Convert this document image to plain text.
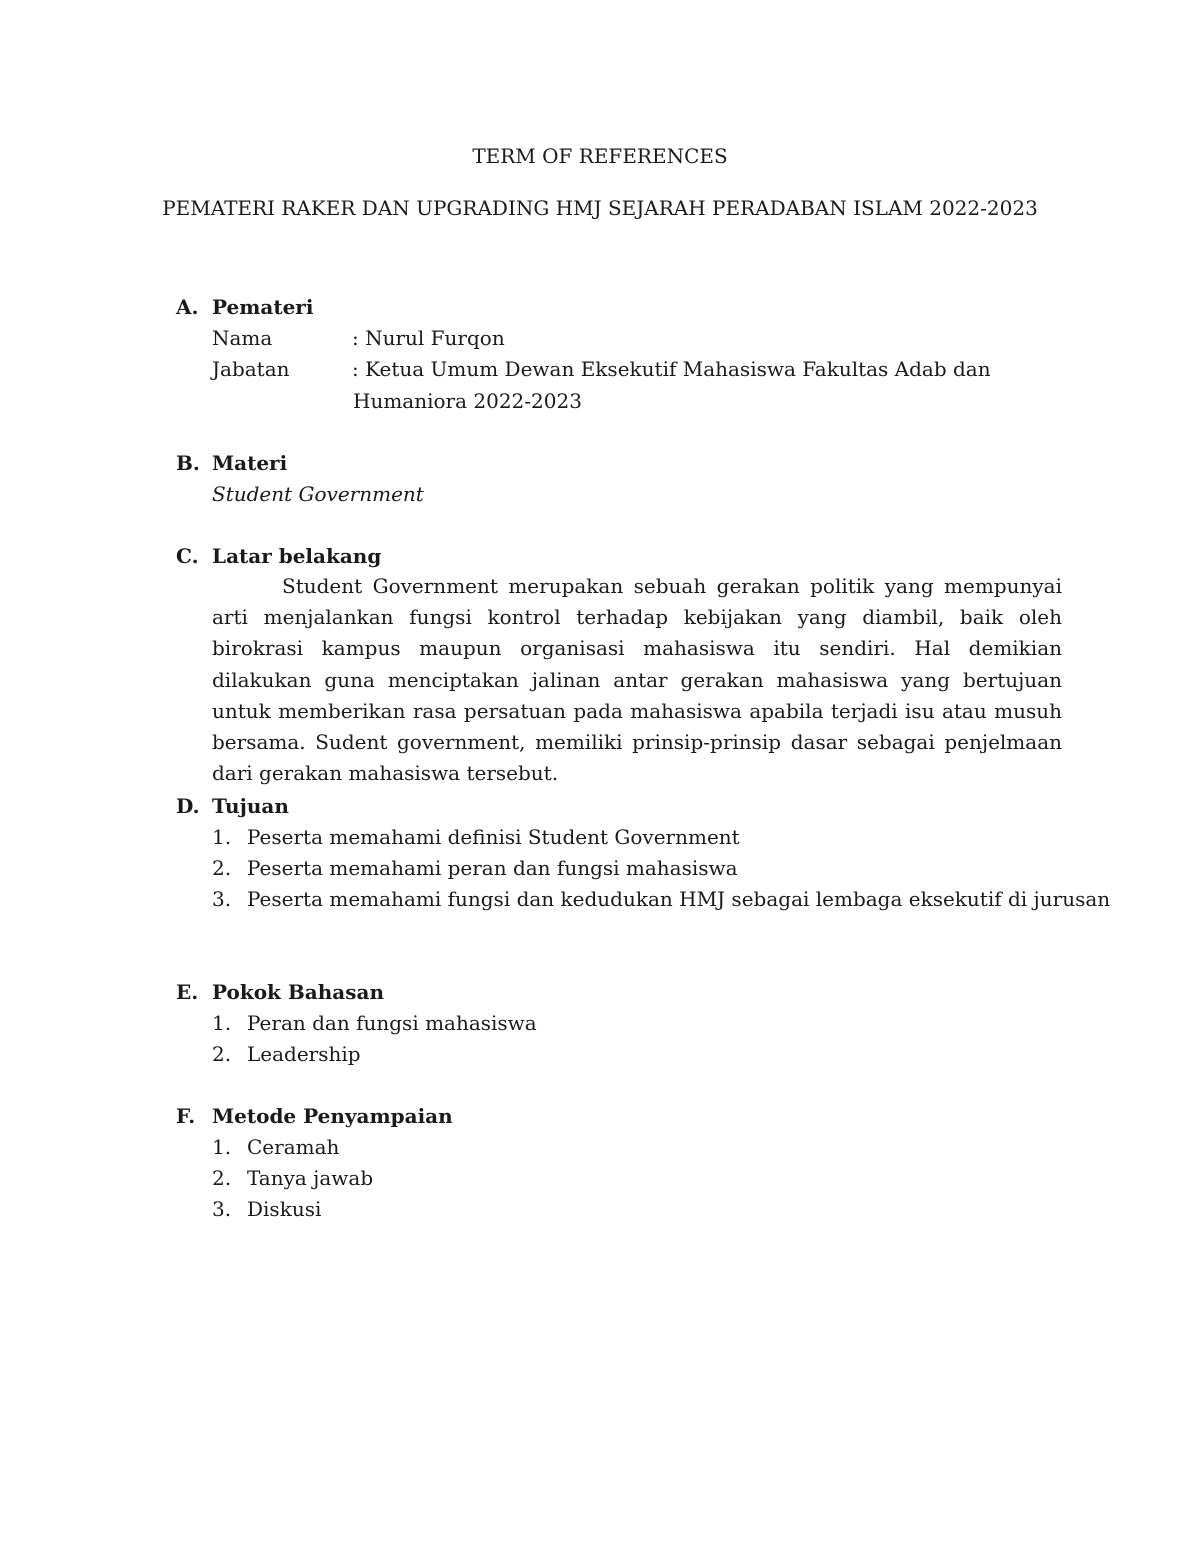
TERM OF REFERENCES
PEMATERI RAKER DAN UPGRADING HMJ SEJARAH PERADABAN ISLAM 2022-2023
A. Pemateri
Nama	: Nurul Furqon
Jabatan	: Ketua Umum Dewan Eksekutif Mahasiswa Fakultas Adab dan
Humaniora 2022-2023
B. Materi
Student Government
C. Latar belakang
Student Government merupakan sebuah gerakan politik yang mempunyai arti menjalankan fungsi kontrol terhadap kebijakan yang diambil, baik oleh birokrasi kampus maupun organisasi mahasiswa itu sendiri. Hal demikian dilakukan guna menciptakan jalinan antar gerakan mahasiswa yang bertujuan untuk memberikan rasa persatuan pada mahasiswa apabila terjadi isu atau musuh bersama. Sudent government, memiliki prinsip-prinsip dasar sebagai penjelmaan dari gerakan mahasiswa tersebut.
D. Tujuan
1. Peserta memahami definisi Student Government
2. Peserta memahami peran dan fungsi mahasiswa
3. Peserta memahami fungsi dan kedudukan HMJ sebagai lembaga eksekutif di jurusan
E. Pokok Bahasan
1. Peran dan fungsi mahasiswa
2. Leadership
F. Metode Penyampaian
1. Ceramah
2. Tanya jawab
3. Diskusi
